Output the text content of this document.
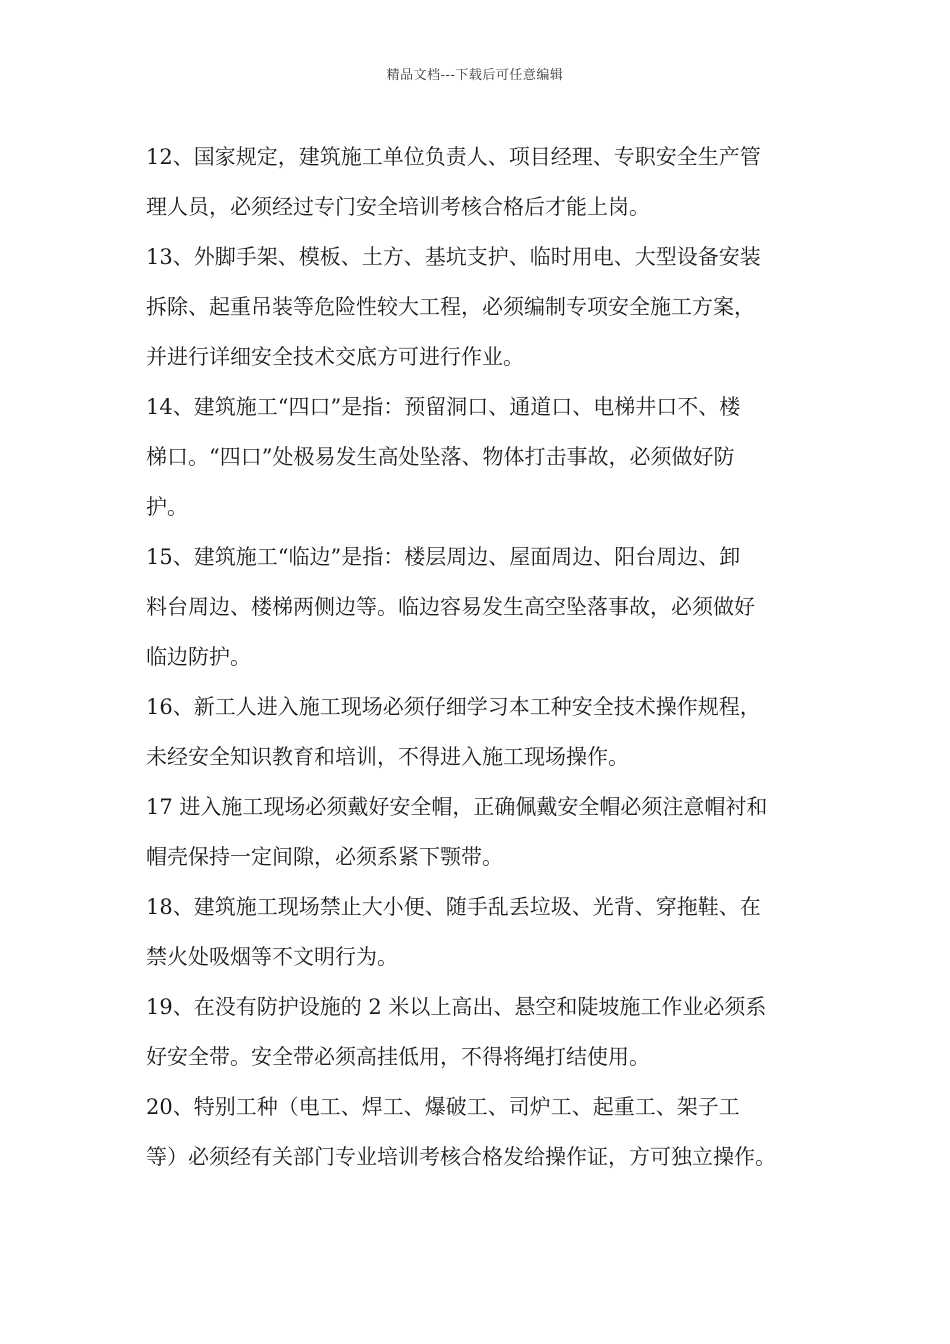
精品文档---下载后可任意编辑
12、国家规定，建筑施工单位负责人、项目经理、专职安全生产管
理人员，必须经过专门安全培训考核合格后才能上岗。
13、外脚手架、模板、土方、基坑支护、临时用电、大型设备安装
拆除、起重吊装等危险性较大工程，必须编制专项安全施工方案，
并进行详细安全技术交底方可进行作业。
14、建筑施工“四口”是指：预留洞口、通道口、电梯井口不、楼
梯口。“四口”处极易发生高处坠落、物体打击事故，必须做好防
护。
15、建筑施工“临边”是指：楼层周边、屋面周边、阳台周边、卸
料台周边、楼梯两侧边等。临边容易发生高空坠落事故，必须做好
临边防护。
16、新工人进入施工现场必须仔细学习本工种安全技术操作规程，
未经安全知识教育和培训，不得进入施工现场操作。
17 进入施工现场必须戴好安全帽，正确佩戴安全帽必须注意帽衬和
帽壳保持一定间隙，必须系紧下颚带。
18、建筑施工现场禁止大小便、随手乱丢垃圾、光背、穿拖鞋、在
禁火处吸烟等不文明行为。
19、在没有防护设施的 2 米以上高出、悬空和陡坡施工作业必须系
好安全带。安全带必须高挂低用，不得将绳打结使用。
20、特别工种（电工、焊工、爆破工、司炉工、起重工、架子工
等）必须经有关部门专业培训考核合格发给操作证，方可独立操作。
